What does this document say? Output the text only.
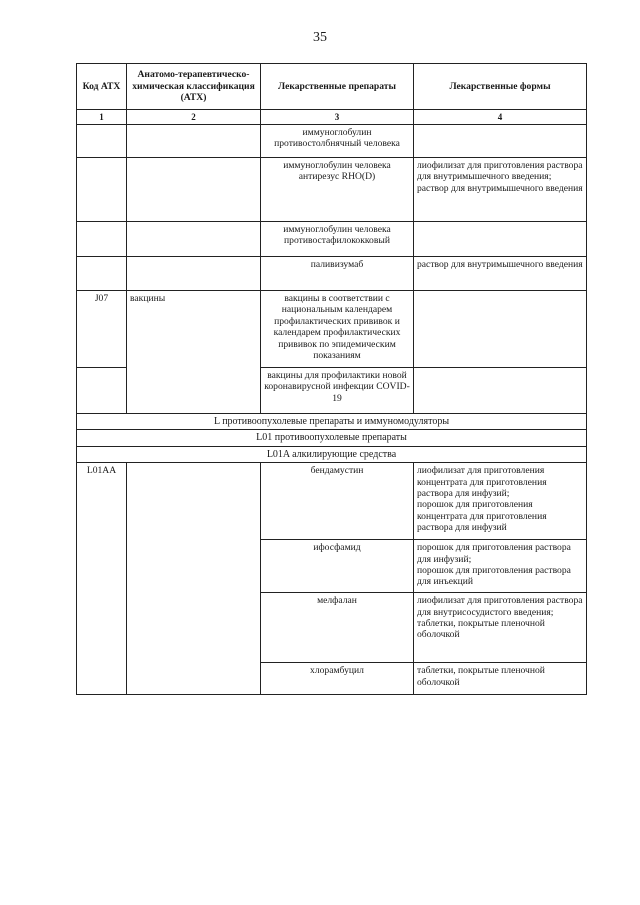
35
Код АТХ	Анатомо-терапевтическо-химическая классификация (АТХ)	Лекарственные препараты	Лекарственные формы
1	2	3	4
		иммуноглобулин противостолбнячный человека	
		иммуноглобулин человека антирезус RHO(D)	лиофилизат для приготовления раствора для внутримышечного введения;
раствор для внутримышечного введения
		иммуноглобулин человека противостафилококковый	
		паливизумаб	раствор для внутримышечного введения
J07	вакцины	вакцины в соответствии с национальным календарем профилактических прививок и календарем профилактических прививок по эпидемическим показаниям	
		вакцины для профилактики новой коронавирусной инфекции COVID-19	
L противоопухолевые препараты и иммуномодуляторы			
L01 противоопухолевые препараты			
L01A алкилирующие средства			
L01AA		бендамустин	лиофилизат для приготовления концентрата для приготовления раствора для инфузий;
порошок для приготовления концентрата для приготовления раствора для инфузий
		ифосфамид	порошок для приготовления раствора для инфузий;
порошок для приготовления раствора для инъекций
		мелфалан	лиофилизат для приготовления раствора для внутрисосудистого введения;
таблетки, покрытые пленочной оболочкой
		хлорамбуцил	таблетки, покрытые пленочной оболочкой
